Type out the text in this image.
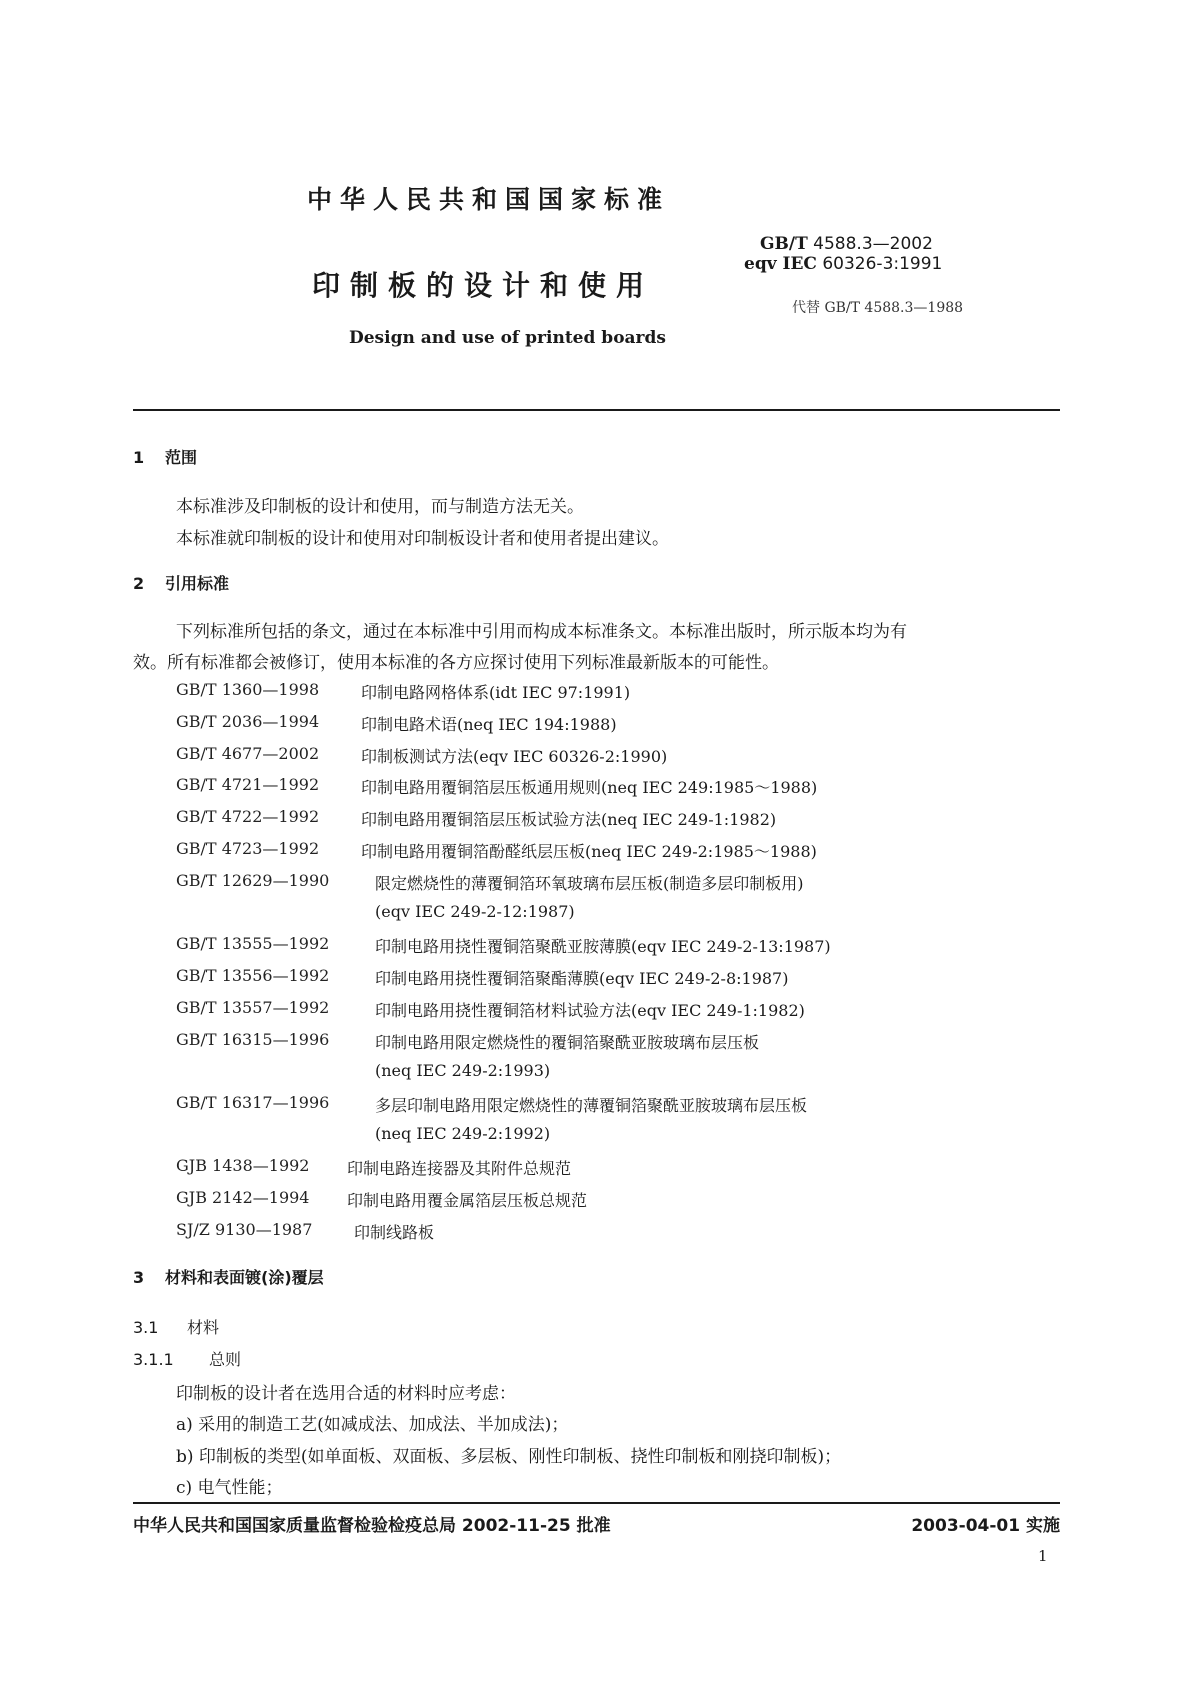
中华人民共和国国家标准
印制板的设计和使用
Design and use of printed boards
GB/T 4588.3—2002
eqv IEC 60326-3:1991
代替 GB/T 4588.3—1988
1 范围
本标准涉及印制板的设计和使用，而与制造方法无关。
本标准就印制板的设计和使用对印制板设计者和使用者提出建议。
2 引用标准
下列标准所包括的条文，通过在本标准中引用而构成本标准条文。本标准出版时，所示版本均为有
效。所有标准都会被修订，使用本标准的各方应探讨使用下列标准最新版本的可能性。
GB/T 1360—1998	印制电路网格体系(idt IEC 97:1991)
GB/T 2036—1994	印制电路术语(neq IEC 194:1988)
GB/T 4677—2002	印制板测试方法(eqv IEC 60326-2:1990)
GB/T 4721—1992	印制电路用覆铜箔层压板通用规则(neq IEC 249:1985～1988)
GB/T 4722—1992	印制电路用覆铜箔层压板试验方法(neq IEC 249-1:1982)
GB/T 4723—1992	印制电路用覆铜箔酚醛纸层压板(neq IEC 249-2:1985～1988)
GB/T 12629—1990	限定燃烧性的薄覆铜箔环氧玻璃布层压板(制造多层印制板用)
(eqv IEC 249-2-12:1987)
GB/T 13555—1992	印制电路用挠性覆铜箔聚酰亚胺薄膜(eqv IEC 249-2-13:1987)
GB/T 13556—1992	印制电路用挠性覆铜箔聚酯薄膜(eqv IEC 249-2-8:1987)
GB/T 13557—1992	印制电路用挠性覆铜箔材料试验方法(eqv IEC 249-1:1982)
GB/T 16315—1996	印制电路用限定燃烧性的覆铜箔聚酰亚胺玻璃布层压板
(neq IEC 249-2:1993)
GB/T 16317—1996	多层印制电路用限定燃烧性的薄覆铜箔聚酰亚胺玻璃布层压板
(neq IEC 249-2:1992)
GJB 1438—1992 印制电路连接器及其附件总规范
GJB 2142—1994 印制电路用覆金属箔层压板总规范
SJ/Z 9130—1987	印制线路板
3 材料和表面镀(涂)覆层
3.1 材料
3.1.1 总则
印制板的设计者在选用合适的材料时应考虑：
a) 采用的制造工艺(如减成法、加成法、半加成法)；
b) 印制板的类型(如单面板、双面板、多层板、刚性印制板、挠性印制板和刚挠印制板)；
c) 电气性能；
中华人民共和国国家质量监督检验检疫总局 2002-11-25 批准	2003-04-01 实施
1
